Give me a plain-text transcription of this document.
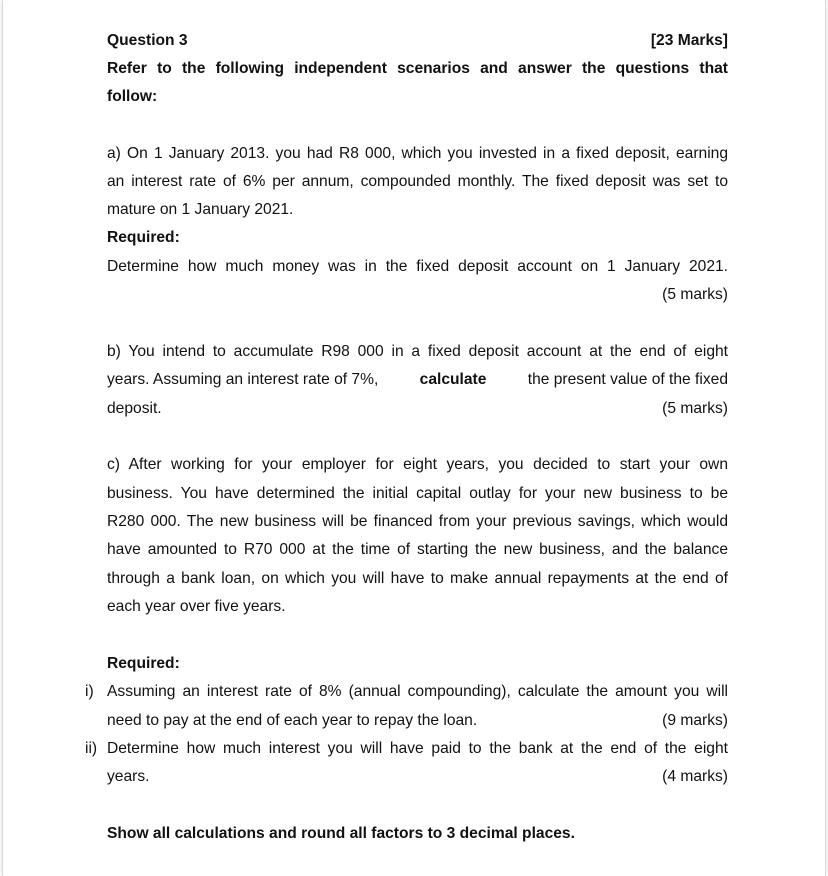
Question 3	[23 Marks]
Refer to the following independent scenarios and answer the questions that
follow:
a) On 1 January 2013. you had R8 000, which you invested in a fixed deposit, earning
an interest rate of 6% per annum, compounded monthly. The fixed deposit was set to
mature on 1 January 2021.
Required:
Determine how much money was in the fixed deposit account on 1 January 2021.
(5 marks)
b) You intend to accumulate R98 000 in a fixed deposit account at the end of eight
years. Assuming an interest rate of 7%,	calculate	the present value of the fixed
deposit.	(5 marks)
c) After working for your employer for eight years, you decided to start your own
business. You have determined the initial capital outlay for your new business to be
R280 000. The new business will be financed from your previous savings, which would
have amounted to R70 000 at the time of starting the new business, and the balance
through a bank loan, on which you will have to make annual repayments at the end of
each year over five years.
Required:
i) Assuming an interest rate of 8% (annual compounding), calculate the amount you will
need to pay at the end of each year to repay the loan.	(9 marks)
ii) Determine how much interest you will have paid to the bank at the end of the eight
years.	(4 marks)
Show all calculations and round all factors to 3 decimal places.
